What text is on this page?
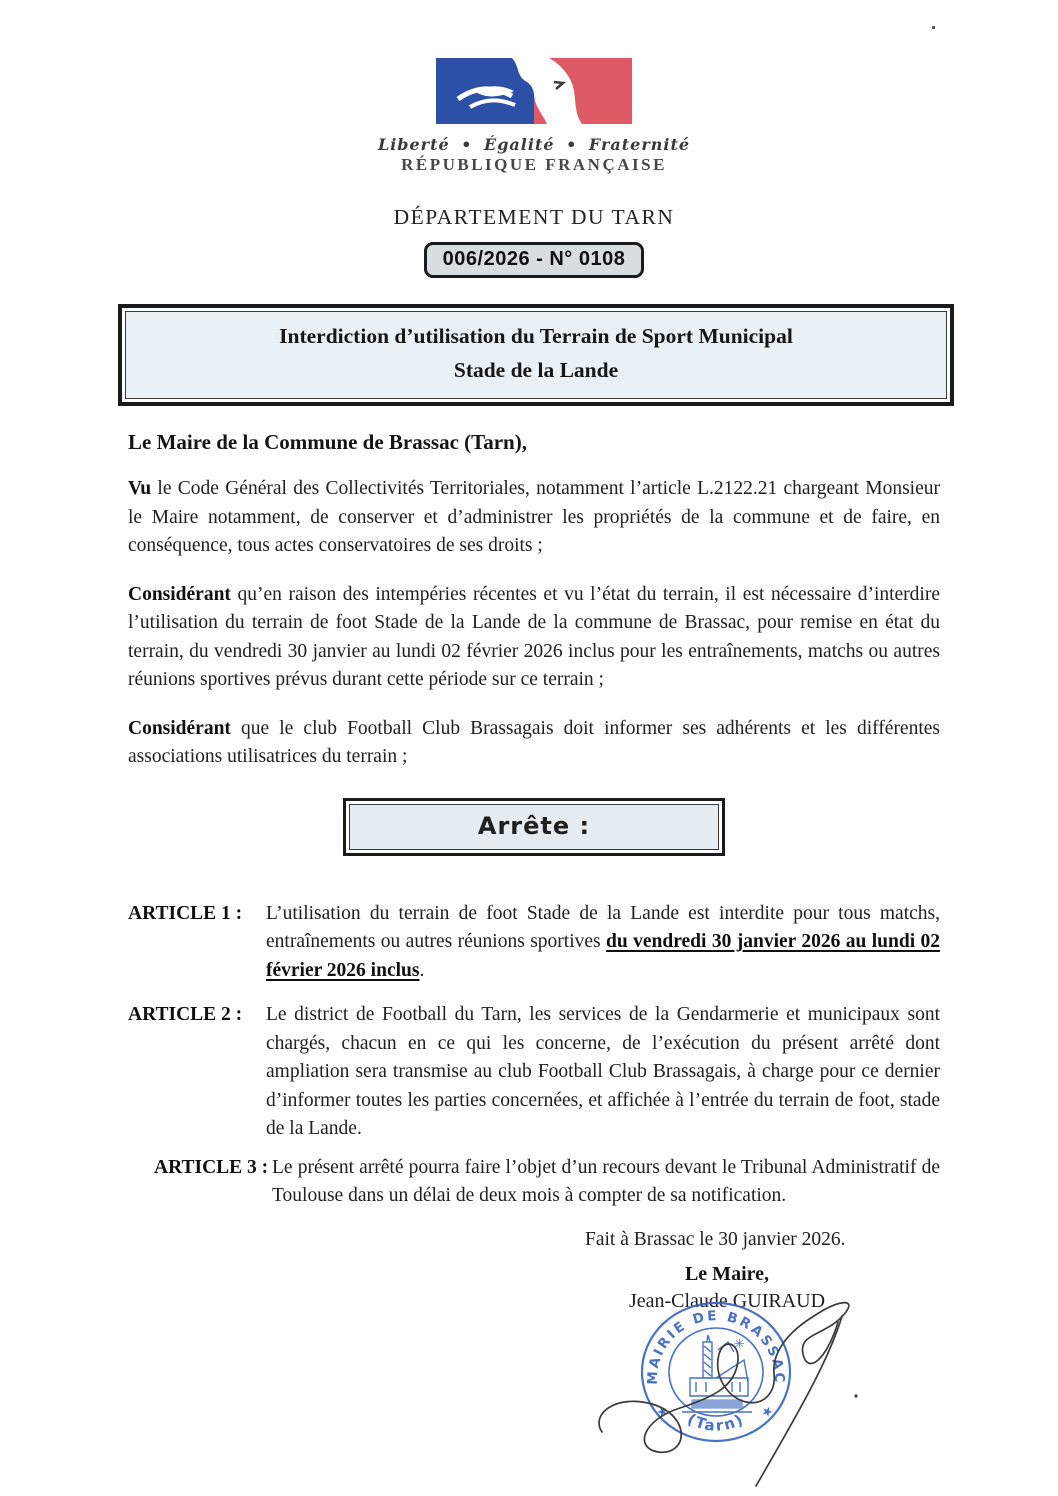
Liberté • Égalité • Fraternité
RÉPUBLIQUE FRANÇAISE
DÉPARTEMENT DU TARN
006/2026 - N° 0108
Interdiction d’utilisation du Terrain de Sport Municipal
Stade de la Lande
Le Maire de la Commune de Brassac (Tarn),

Vu le Code Général des Collectivités Territoriales, notamment l’article L.2122.21 chargeant Monsieur le Maire notamment, de conserver et d’administrer les propriétés de la commune et de faire, en conséquence, tous actes conservatoires de ses droits ;

Considérant qu’en raison des intempéries récentes et vu l’état du terrain, il est nécessaire d’interdire l’utilisation du terrain de foot Stade de la Lande de la commune de Brassac, pour remise en état du terrain, du vendredi 30 janvier au lundi 02 février 2026 inclus pour les entraînements, matchs ou autres réunions sportives prévus durant cette période sur ce terrain ;

Considérant que le club Football Club Brassagais doit informer ses adhérents et les différentes associations utilisatrices du terrain ;

Arrête :
ARTICLE 1 :	L’utilisation du terrain de foot Stade de la Lande est interdite pour tous matchs, entraînements ou autres réunions sportives du vendredi 30 janvier 2026 au lundi 02 février 2026 inclus.
ARTICLE 2 :	Le district de Football du Tarn, les services de la Gendarmerie et municipaux sont chargés, chacun en ce qui les concerne, de l’exécution du présent arrêté dont ampliation sera transmise au club Football Club Brassagais, à charge pour ce dernier d’informer toutes les parties concernées, et affichée à l’entrée du terrain de foot, stade de la Lande.
ARTICLE 3 : Le présent arrêté pourra faire l’objet d’un recours devant le Tribunal Administratif de Toulouse dans un délai de deux mois à compter de sa notification.
Fait à Brassac le 30 janvier 2026.
Le Maire,
Jean-Claude GUIRAUD
✳
MAIRIE DE BRASSAC
(Tarn)
★	★
